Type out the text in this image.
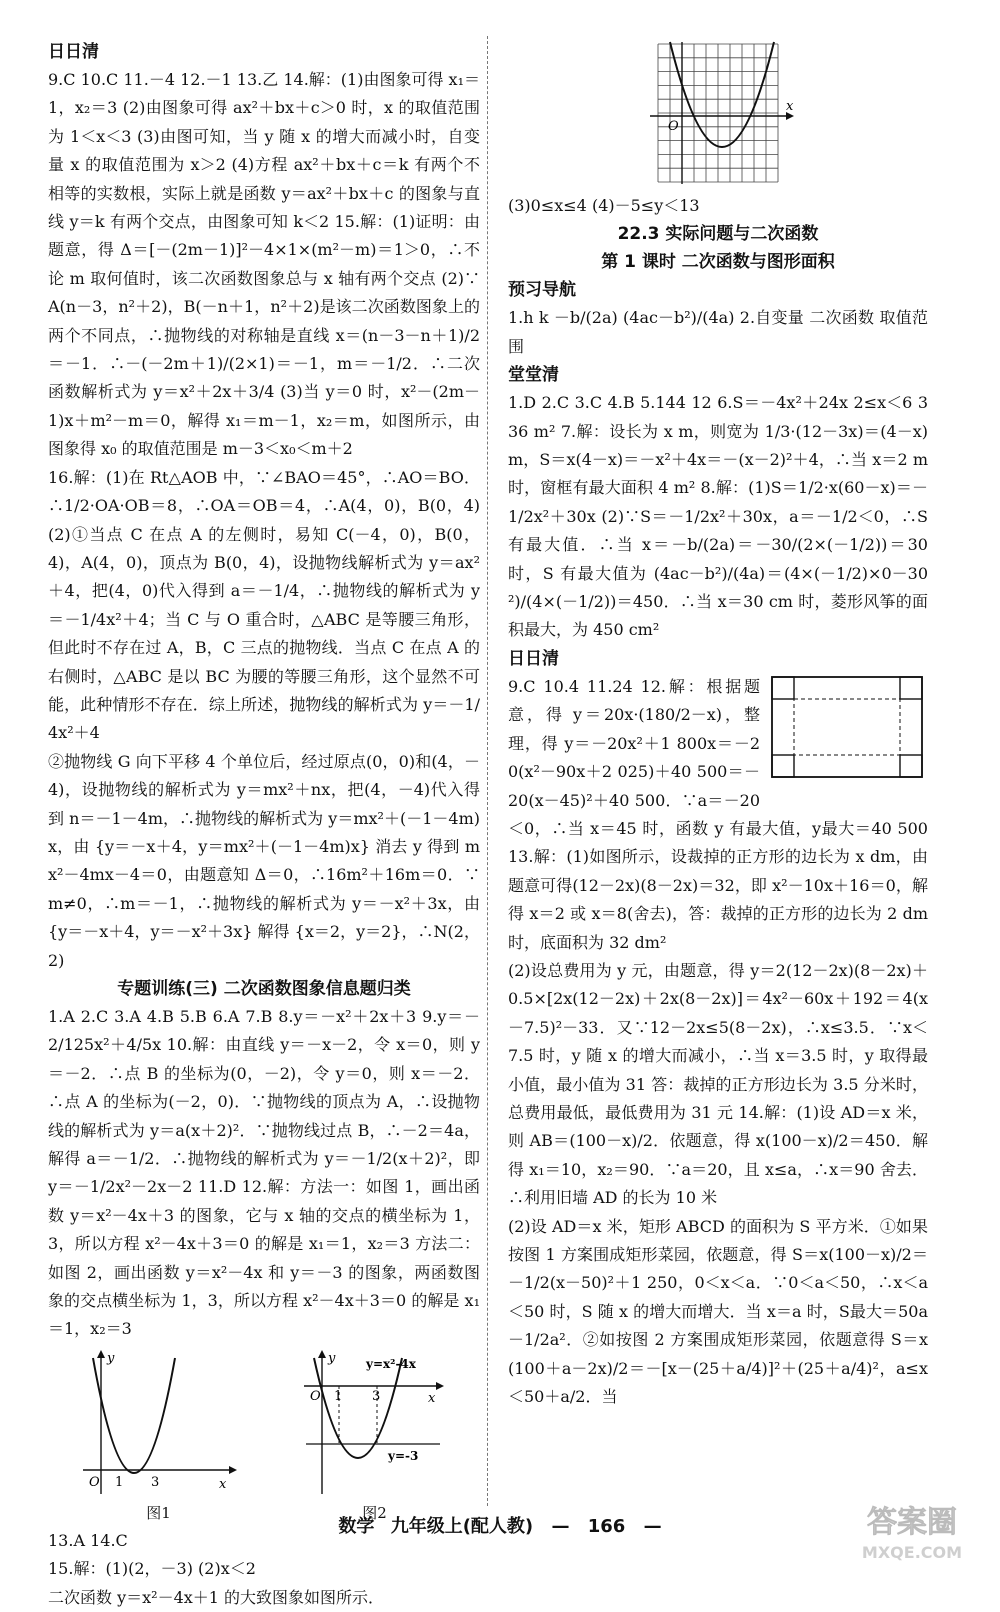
日日清

9.C 10.C 11.－4 12.－1 13.乙 14.解：(1)由图象可得 x₁＝1，x₂＝3 (2)由图象可得 ax²＋bx＋c＞0 时，x 的取值范围为 1＜x＜3 (3)由图可知，当 y 随 x 的增大而减小时，自变量 x 的取值范围为 x＞2 (4)方程 ax²＋bx＋c＝k 有两个不相等的实数根，实际上就是函数 y＝ax²＋bx＋c 的图象与直线 y＝k 有两个交点，由图象可知 k＜2 15.解：(1)证明：由题意，得 Δ＝[－(2m－1)]²－4×1×(m²－m)＝1＞0，∴不论 m 取何值时，该二次函数图象总与 x 轴有两个交点 (2)∵A(n－3，n²＋2)，B(－n＋1，n²＋2)是该二次函数图象上的两个不同点，∴抛物线的对称轴是直线 x＝(n－3－n＋1)/2＝－1．∴－(－2m＋1)/(2×1)＝－1，m＝－1/2．∴二次函数解析式为 y＝x²＋2x＋3/4 (3)当 y＝0 时，x²－(2m－1)x＋m²－m＝0，解得 x₁＝m－1，x₂＝m，如图所示，由图象得 x₀ 的取值范围是 m－3＜x₀＜m＋2

16.解：(1)在 Rt△AOB 中，∵∠BAO＝45°，∴AO＝BO．∴1/2·OA·OB＝8，∴OA＝OB＝4，∴A(4，0)，B(0，4) (2)①当点 C 在点 A 的左侧时，易知 C(－4，0)，B(0，4)，A(4，0)，顶点为 B(0，4)，设抛物线解析式为 y＝ax²＋4，把(4，0)代入得到 a＝－1/4，∴抛物线的解析式为 y＝－1/4x²＋4；当 C 与 O 重合时，△ABC 是等腰三角形，但此时不存在过 A，B，C 三点的抛物线．当点 C 在点 A 的右侧时，△ABC 是以 BC 为腰的等腰三角形，这个显然不可能，此种情形不存在．综上所述，抛物线的解析式为 y＝－1/4x²＋4

②抛物线 G 向下平移 4 个单位后，经过原点(0，0)和(4，－4)，设抛物线的解析式为 y＝mx²＋nx，把(4，－4)代入得到 n＝－1－4m，∴抛物线的解析式为 y＝mx²＋(－1－4m)x，由 {y＝－x＋4，y＝mx²＋(－1－4m)x} 消去 y 得到 mx²－4mx－4＝0，由题意知 Δ＝0，∴16m²＋16m＝0．∵m≠0，∴m＝－1，∴抛物线的解析式为 y＝－x²＋3x，由 {y＝－x＋4，y＝－x²＋3x} 解得 {x＝2，y＝2}，∴N(2，2)

专题训练(三) 二次函数图象信息题归类

1.A 2.C 3.A 4.B 5.B 6.A 7.B 8.y＝－x²＋2x＋3 9.y＝－2/125x²＋4/5x 10.解：由直线 y＝－x－2，令 x＝0，则 y＝－2．∴点 B 的坐标为(0，－2)，令 y＝0，则 x＝－2．∴点 A 的坐标为(－2，0)．∵抛物线的顶点为 A，∴设抛物线的解析式为 y＝a(x＋2)²．∵抛物线过点 B，∴－2＝4a，解得 a＝－1/2．∴抛物线的解析式为 y＝－1/2(x＋2)²，即 y＝－1/2x²－2x－2 11.D 12.解：方法一：如图 1，画出函数 y＝x²－4x＋3 的图象，它与 x 轴的交点的横坐标为 1，3，所以方程 x²－4x＋3＝0 的解是 x₁＝1，x₂＝3 方法二：如图 2，画出函数 y＝x²－4x 和 y＝－3 的图象，两函数图象的交点横坐标为 1，3，所以方程 x²－4x＋3＝0 的解是 x₁＝1，x₂＝3

y
x
O 1 3
图1
y
x
O 1 3
y=x²-4x
y=-3
图2

13.A 14.C

15.解：(1)(2，－3) (2)x＜2

二次函数 y＝x²－4x＋1 的大致图象如图所示．

O
x

(3)0≤x≤4 (4)－5≤y＜13

22.3 实际问题与二次函数
第 1 课时 二次函数与图形面积
预习导航

1.h k －b/(2a) (4ac－b²)/(4a) 2.自变量 二次函数 取值范围

堂堂清

1.D 2.C 3.C 4.B 5.144 12 6.S＝－4x²＋24x 2≤x＜6 3 36 m² 7.解：设长为 x m，则宽为 1/3·(12－3x)＝(4－x)m，S＝x(4－x)＝－x²＋4x＝－(x－2)²＋4，∴当 x＝2 m 时，窗框有最大面积 4 m² 8.解：(1)S＝1/2·x(60－x)＝－1/2x²＋30x (2)∵S＝－1/2x²＋30x，a＝－1/2＜0，∴S 有最大值．∴当 x＝－b/(2a)＝－30/(2×(－1/2))＝30 时，S 有最大值为 (4ac－b²)/(4a)＝(4×(－1/2)×0－30²)/(4×(－1/2))＝450．∴当 x＝30 cm 时，菱形风筝的面积最大，为 450 cm²

日日清

9.C 10.4 11.24 12.解：根据题意，得 y＝20x·(180/2－x)，整理，得 y＝－20x²＋1 800x＝－20(x²－90x＋2 025)＋40 500＝－20(x－45)²＋40 500．∵a＝－20＜0，∴当 x＝45 时，函数 y 有最大值，y最大＝40 500 13.解：(1)如图所示，设裁掉的正方形的边长为 x dm，由题意可得(12－2x)(8－2x)＝32，即 x²－10x＋16＝0，解得 x＝2 或 x＝8(舍去)，答：裁掉的正方形的边长为 2 dm 时，底面积为 32 dm²

(2)设总费用为 y 元，由题意，得 y＝2(12－2x)(8－2x)＋0.5×[2x(12－2x)＋2x(8－2x)]＝4x²－60x＋192＝4(x－7.5)²－33．又∵12－2x≤5(8－2x)，∴x≤3.5．∵x＜7.5 时，y 随 x 的增大而减小，∴当 x＝3.5 时，y 取得最小值，最小值为 31 答：裁掉的正方形边长为 3.5 分米时，总费用最低，最低费用为 31 元 14.解：(1)设 AD＝x 米，则 AB＝(100－x)/2．依题意，得 x(100－x)/2＝450．解得 x₁＝10，x₂＝90．∵a＝20，且 x≤a，∴x＝90 舍去．∴利用旧墙 AD 的长为 10 米

(2)设 AD＝x 米，矩形 ABCD 的面积为 S 平方米．①如果按图 1 方案围成矩形菜园，依题意，得 S＝x(100－x)/2＝－1/2(x－50)²＋1 250，0＜x＜a．∵0＜a＜50，∴x＜a＜50 时，S 随 x 的增大而增大．当 x＝a 时，S最大＝50a－1/2a²．②如按图 2 方案围成矩形菜园，依题意得 S＝x(100＋a－2x)/2＝－[x－(25＋a/4)]²＋(25＋a/4)²，a≤x＜50＋a/2．当

数学 九年级上(配人教) — 166 —	答案圈
MXQE.COM
